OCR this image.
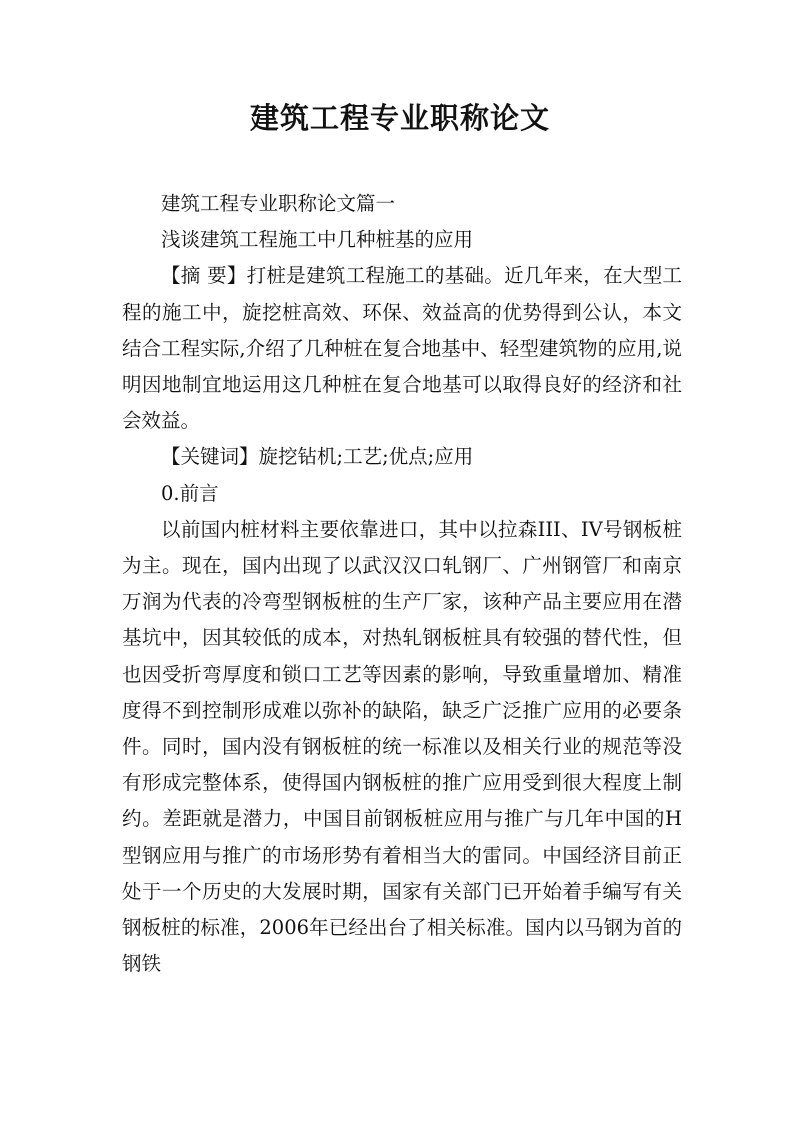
建筑工程专业职称论文

建筑工程专业职称论文篇一

浅谈建筑工程施工中几种桩基的应用

【摘 要】打桩是建筑工程施工的基础。近几年来，在大型工程的施工中，旋挖桩高效、环保、效益高的优势得到公认，本文结合工程实际,介绍了几种桩在复合地基中、轻型建筑物的应用,说明因地制宜地运用这几种桩在复合地基可以取得良好的经济和社会效益。

【关键词】旋挖钻机;工艺;优点;应用

0.前言

以前国内桩材料主要依靠进口，其中以拉森III、IV号钢板桩为主。现在，国内出现了以武汉汉口轧钢厂、广州钢管厂和南京万润为代表的冷弯型钢板桩的生产厂家，该种产品主要应用在潜基坑中，因其较低的成本，对热轧钢板桩具有较强的替代性，但也因受折弯厚度和锁口工艺等因素的影响，导致重量增加、精准度得不到控制形成难以弥补的缺陷，缺乏广泛推广应用的必要条件。同时，国内没有钢板桩的统一标准以及相关行业的规范等没有形成完整体系，使得国内钢板桩的推广应用受到很大程度上制约。差距就是潜力，中国目前钢板桩应用与推广与几年中国的H型钢应用与推广的市场形势有着相当大的雷同。中国经济目前正处于一个历史的大发展时期，国家有关部门已开始着手编写有关钢板桩的标准，2006年已经出台了相关标准。国内以马钢为首的钢铁
